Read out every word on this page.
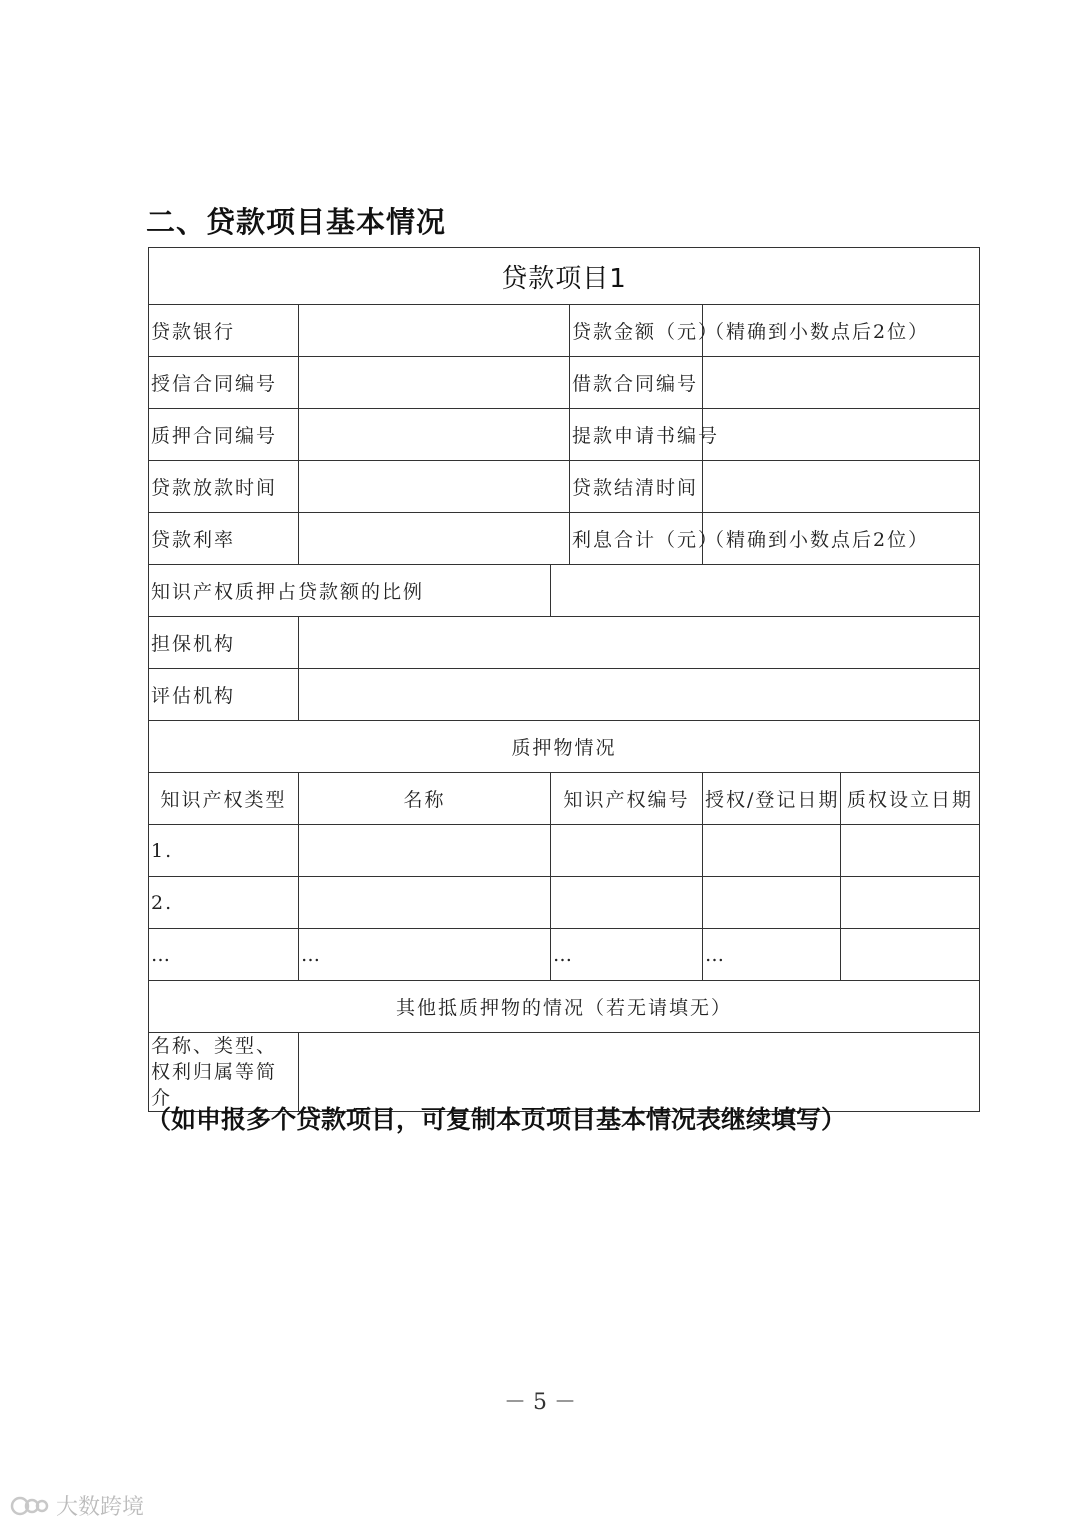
二、贷款项目基本情况
贷款项目1					
贷款银行			贷款金额（元）	（精确到小数点后2位）	
授信合同编号			借款合同编号		
质押合同编号			提款申请书编号		
贷款放款时间			贷款结清时间		
贷款利率			利息合计（元）	（精确到小数点后2位）	
知识产权质押占贷款额的比例					
担保机构					
评估机构					
质押物情况					
知识产权类型	名称	知识产权编号		授权/登记日期	质权设立日期
1.					
2.					
…	…	…		…	
其他抵质押物的情况（若无请填无）					
名称、类型、权利归属等简介					
（如申报多个贷款项目，可复制本页项目基本情况表继续填写）
－ 5 －
大数跨境
